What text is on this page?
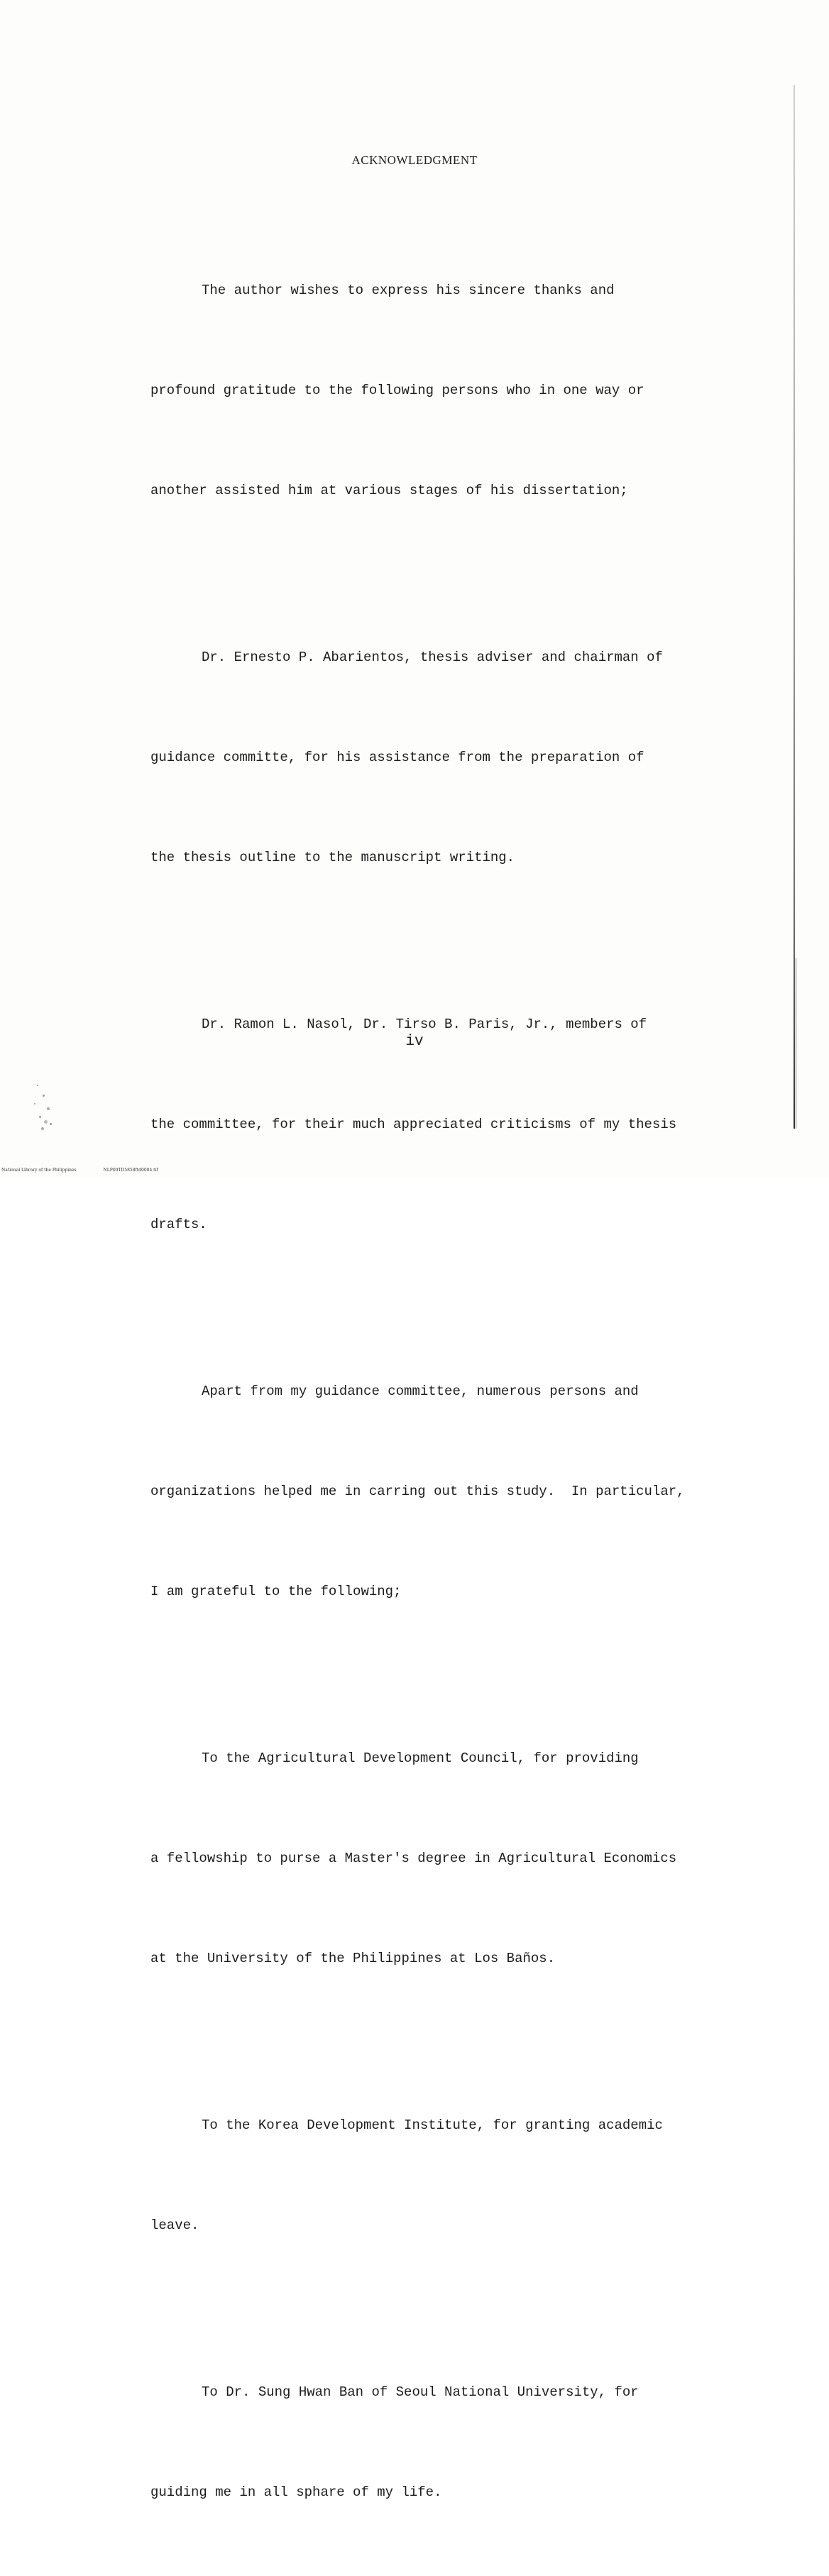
ACKNOWLEDGMENT

The author wishes to express his sincere thanks and

profound gratitude to the following persons who in one way or

another assisted him at various stages of his dissertation;

Dr. Ernesto P. Abarientos, thesis adviser and chairman of

guidance committe, for his assistance from the preparation of

the thesis outline to the manuscript writing.

Dr. Ramon L. Nasol, Dr. Tirso B. Paris, Jr., members of

the committee, for their much appreciated criticisms of my thesis

drafts.

Apart from my guidance committee, numerous persons and

organizations helped me in carring out this study.  In particular,

I am grateful to the following;

To the Agricultural Development Council, for providing

a fellowship to purse a Master's degree in Agricultural Economics

at the University of the Philippines at Los Baños.

To the Korea Development Institute, for granting academic

leave.

To Dr. Sung Hwan Ban of Seoul National University, for

guiding me in all sphare of my life.

iv
National Library of the Philippines	NLP00TD5858ftd0004.tif
